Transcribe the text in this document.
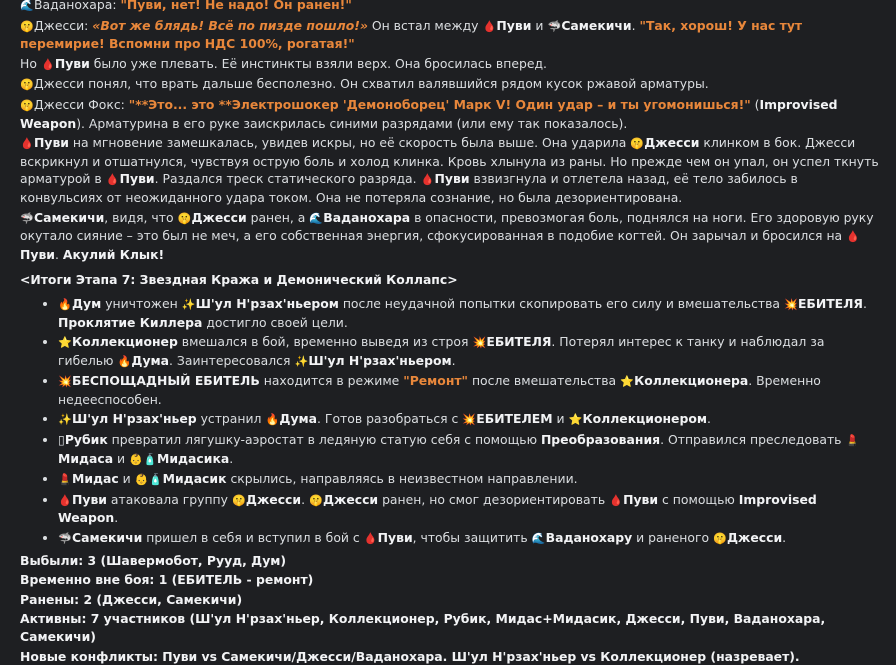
🌊Ваданохара: "Пуви, нет! Не надо! Он ранен!"

🤫Джесси: «Вот же блядь! Всё по пизде пошло!» Он встал между 🩸Пуви и 🦈Самекичи. "Так, хорош! У нас тут перемирие! Вспомни про НДС 100%, рогатая!"

Но 🩸Пуви было уже плевать. Её инстинкты взяли верх. Она бросилась вперед.

🤫Джесси понял, что врать дальше бесполезно. Он схватил валявшийся рядом кусок ржавой арматуры.

🤫Джесси Фокс: "**Это... это **Электрошокер 'Демоноборец' Марк V! Один удар – и ты угомонишься!" (Improvised Weapon). Арматурина в его руке заискрилась синими разрядами (или ему так показалось).

🩸Пуви на мгновение замешкалась, увидев искры, но её скорость была выше. Она ударила 🤫Джесси клинком в бок. Джесси вскрикнул и отшатнулся, чувствуя острую боль и холод клинка. Кровь хлынула из раны. Но прежде чем он упал, он успел ткнуть арматурой в 🩸Пуви. Раздался треск статического разряда. 🩸Пуви взвизгнула и отлетела назад, её тело забилось в конвульсиях от неожиданного удара током. Она не потеряла сознание, но была дезориентирована.

🦈Самекичи, видя, что 🤫Джесси ранен, а 🌊Ваданохара в опасности, превозмогая боль, поднялся на ноги. Его здоровую руку окутало сияние – это был не меч, а его собственная энергия, сфокусированная в подобие когтей. Он зарычал и бросился на 🩸Пуви. Акулий Клык!

<Итоги Этапа 7: Звездная Кража и Демонический Коллапс>

• 🔥Дум уничтожен ✨Ш'ул Н'рзах'ньером после неудачной попытки скопировать его силу и вмешательства 💥ЕБИТЕЛЯ. Проклятие Киллера достигло своей цели.
• ⭐Коллекционер вмешался в бой, временно выведя из строя 💥ЕБИТЕЛЯ. Потерял интерес к танку и наблюдал за гибелью 🔥Дума. Заинтересовался ✨Ш'ул Н'рзах'ньером.
• 💥БЕСПОЩАДНЫЙ ЕБИТЕЛЬ находится в режиме "Ремонт" после вмешательства ⭐Коллекционера. Временно недееспособен.
• ✨Ш'ул Н'рзах'ньер устранил 🔥Дума. Готов разобраться с 💥ЕБИТЕЛЕМ и ⭐Коллекционером.
• ▯Рубик превратил лягушку-аэростат в ледяную статую себя с помощью Преобразования. Отправился преследовать 💄Мидаса и 👶🧴Мидасика.
• 💄Мидас и 👶🧴Мидасик скрылись, направляясь в неизвестном направлении.
• 🩸Пуви атаковала группу 🤫Джесси. 🤫Джесси ранен, но смог дезориентировать 🩸Пуви с помощью Improvised Weapon.
• 🦈Самекичи пришел в себя и вступил в бой с 🩸Пуви, чтобы защитить 🌊Ваданохару и раненого 🤫Джесси.

Выбыли: 3 (Шавермобот, Рууд, Дум)

Временно вне боя: 1 (ЕБИТЕЛЬ - ремонт)

Ранены: 2 (Джесси, Самекичи)

Активны: 7 участников (Ш'ул Н'рзах'ньер, Коллекционер, Рубик, Мидас+Мидасик, Джесси, Пуви, Ваданохара, Самекичи)

Новые конфликты: Пуви vs Самекичи/Джесси/Ваданохара. Ш'ул Н'рзах'ньер vs Коллекционер (назревает).
